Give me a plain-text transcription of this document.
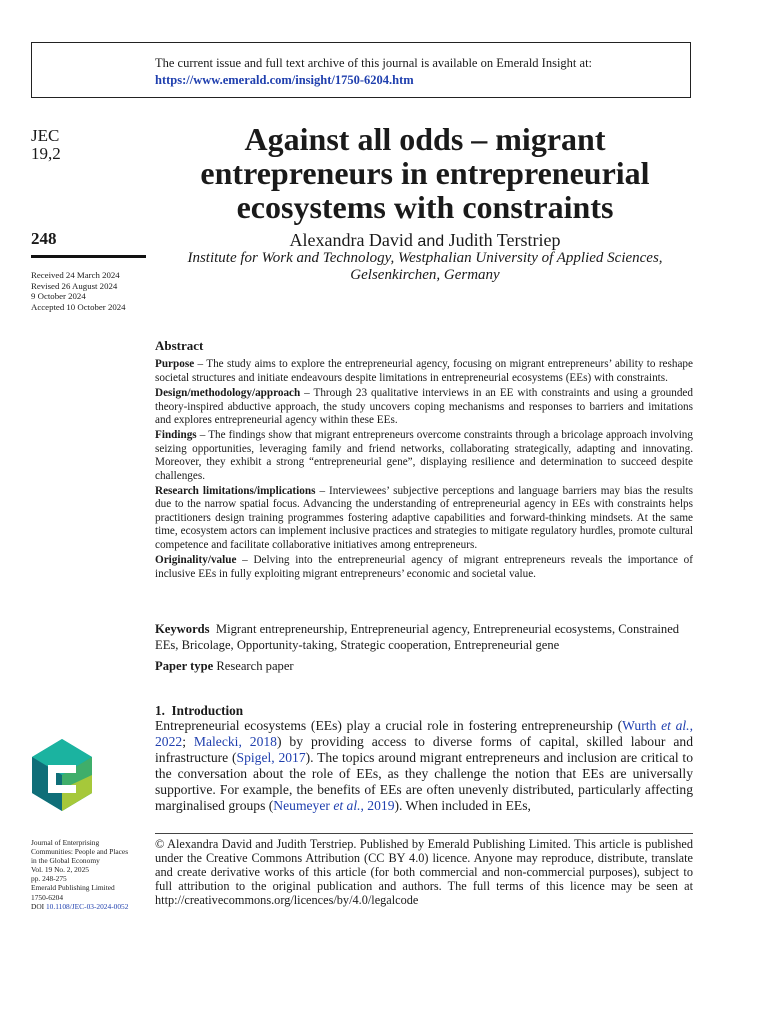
The current issue and full text archive of this journal is available on Emerald Insight at:
https://www.emerald.com/insight/1750-6204.htm
JEC
19,2
248
Received 24 March 2024
Revised 26 August 2024
9 October 2024
Accepted 10 October 2024
Against all odds – migrant entrepreneurs in entrepreneurial ecosystems with constraints
Alexandra David and Judith Terstriep
Institute for Work and Technology, Westphalian University of Applied Sciences,
Gelsenkirchen, Germany
Abstract

Purpose – The study aims to explore the entrepreneurial agency, focusing on migrant entrepreneurs’ ability to reshape societal structures and initiate endeavours despite limitations in entrepreneurial ecosystems (EEs) with constraints.

Design/methodology/approach – Through 23 qualitative interviews in an EE with constraints and using a grounded theory-inspired abductive approach, the study uncovers coping mechanisms and responses to barriers and imitations and explores entrepreneurial agency within these EEs.

Findings – The findings show that migrant entrepreneurs overcome constraints through a bricolage approach involving seizing opportunities, leveraging family and friend networks, collaborating strategically, adapting and innovating. Moreover, they exhibit a strong “entrepreneurial gene”, displaying resilience and determination to succeed despite challenges.

Research limitations/implications – Interviewees’ subjective perceptions and language barriers may bias the results due to the narrow spatial focus. Advancing the understanding of entrepreneurial agency in EEs with constraints helps practitioners design training programmes fostering adaptive capabilities and forward-thinking mindsets. At the same time, ecosystem actors can implement inclusive practices and strategies to mitigate regulatory hurdles, promote cultural competence and facilitate collaborative initiatives among entrepreneurs.

Originality/value – Delving into the entrepreneurial agency of migrant entrepreneurs reveals the importance of inclusive EEs in fully exploiting migrant entrepreneurs’ economic and societal value.

Keywords Migrant entrepreneurship, Entrepreneurial agency, Entrepreneurial ecosystems, Constrained EEs, Bricolage, Opportunity-taking, Strategic cooperation, Entrepreneurial gene
Paper type Research paper
1.  Introduction

Entrepreneurial ecosystems (EEs) play a crucial role in fostering entrepreneurship (Wurth et al., 2022; Malecki, 2018) by providing access to diverse forms of capital, skilled labour and infrastructure (Spigel, 2017). The topics around migrant entrepreneurs and inclusion are critical to the conversation about the role of EEs, as they challenge the notion that EEs are universally supportive. For example, the benefits of EEs are often unevenly distributed, particularly affecting marginalised groups (Neumeyer et al., 2019). When included in EEs,

Journal of Enterprising
Communities: People and Places
in the Global Economy
Vol. 19 No. 2, 2025
pp. 248-275
Emerald Publishing Limited
1750-6204
DOI 10.1108/JEC-03-2024-0052

© Alexandra David and Judith Terstriep. Published by Emerald Publishing Limited. This article is published under the Creative Commons Attribution (CC BY 4.0) licence. Anyone may reproduce, distribute, translate and create derivative works of this article (for both commercial and non-commercial purposes), subject to full attribution to the original publication and authors. The full terms of this licence may be seen at http://creativecommons.org/licences/by/4.0/legalcode
